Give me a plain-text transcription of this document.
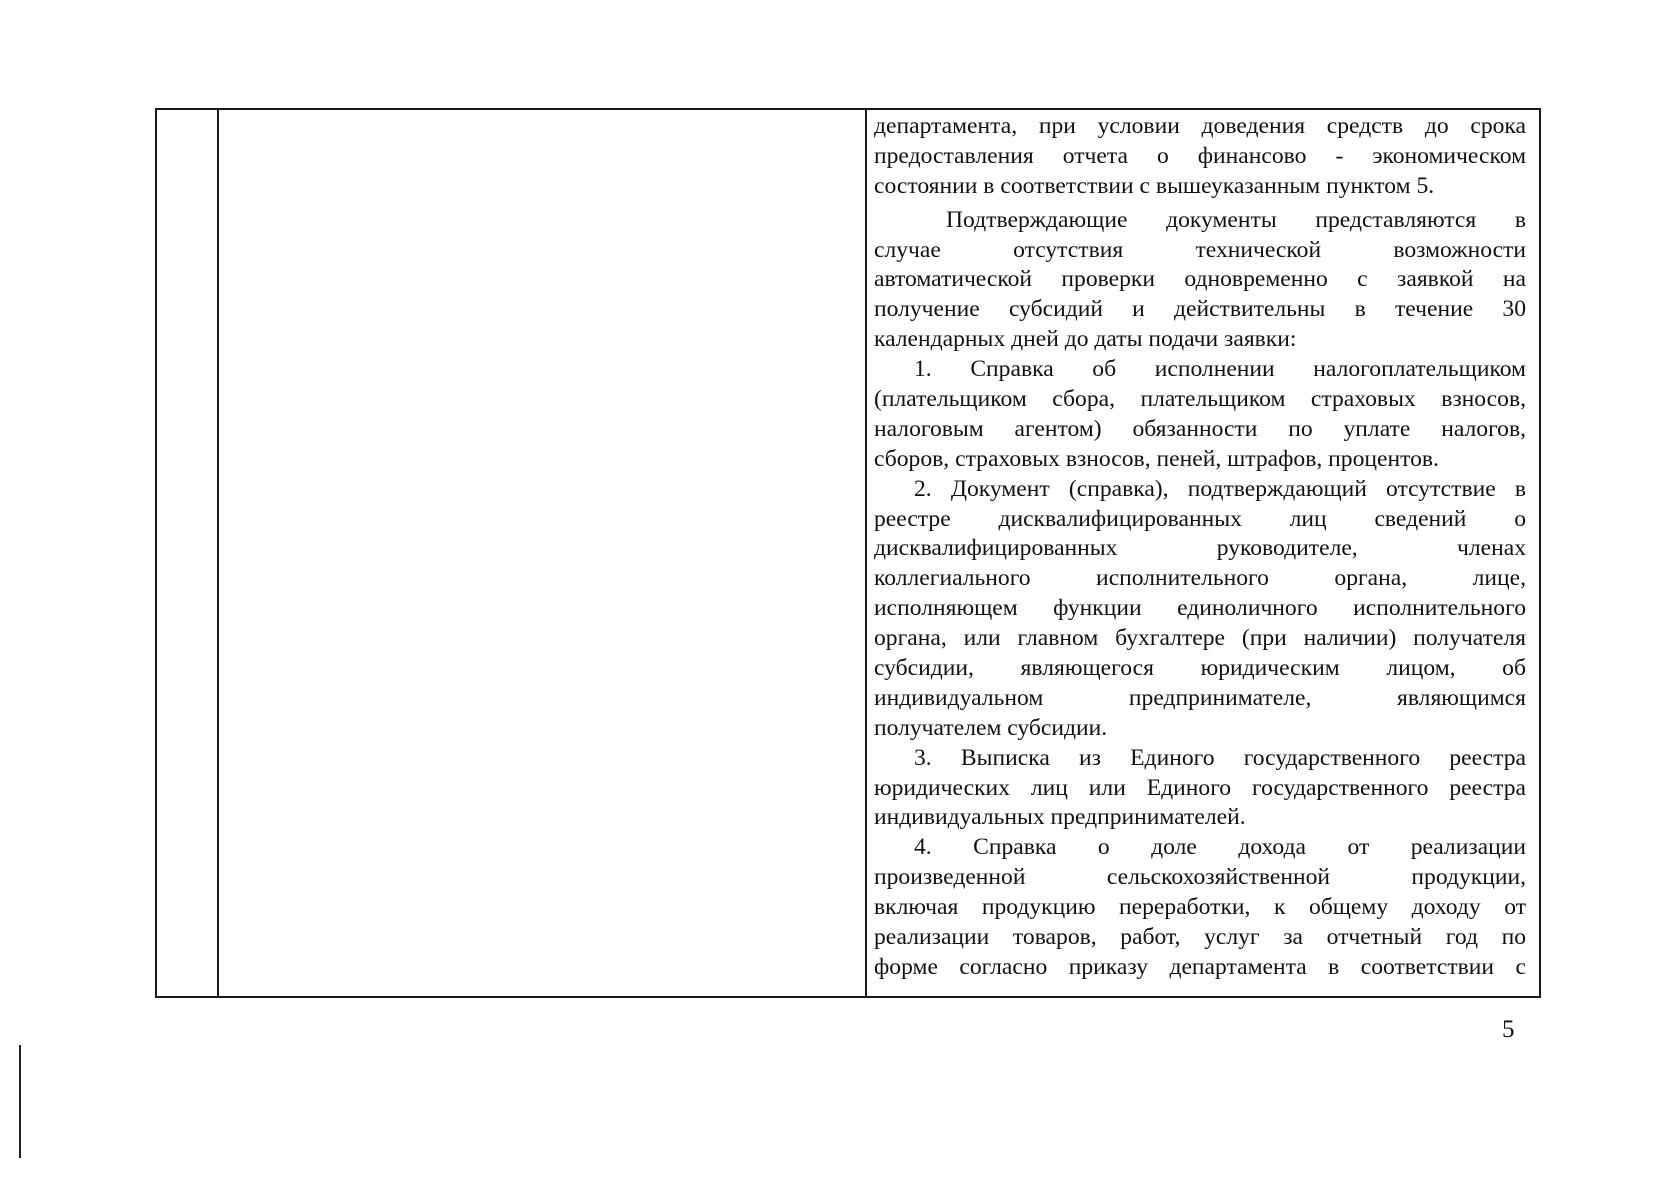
департамента, при условии доведения средств до срока
предоставления отчета о финансово - экономическом
состоянии в соответствии с вышеуказанным пунктом 5.
Подтверждающие документы представляются в
случае отсутствия технической возможности
автоматической проверки одновременно с заявкой на
получение субсидий и действительны в течение 30
календарных дней до даты подачи заявки:
1. Справка об исполнении налогоплательщиком
(плательщиком сбора, плательщиком страховых взносов,
налоговым агентом) обязанности по уплате налогов,
сборов, страховых взносов, пеней, штрафов, процентов.
2. Документ (справка), подтверждающий отсутствие в
реестре дисквалифицированных лиц сведений о
дисквалифицированных руководителе, членах
коллегиального исполнительного органа, лице,
исполняющем функции единоличного исполнительного
органа, или главном бухгалтере (при наличии) получателя
субсидии, являющегося юридическим лицом, об
индивидуальном предпринимателе, являющимся
получателем субсидии.
3. Выписка из Единого государственного реестра
юридических лиц или Единого государственного реестра
индивидуальных предпринимателей.
4. Справка о доле дохода от реализации
произведенной сельскохозяйственной продукции,
включая продукцию переработки, к общему доходу от
реализации товаров, работ, услуг за отчетный год по
форме согласно приказу департамента в соответствии с
5
